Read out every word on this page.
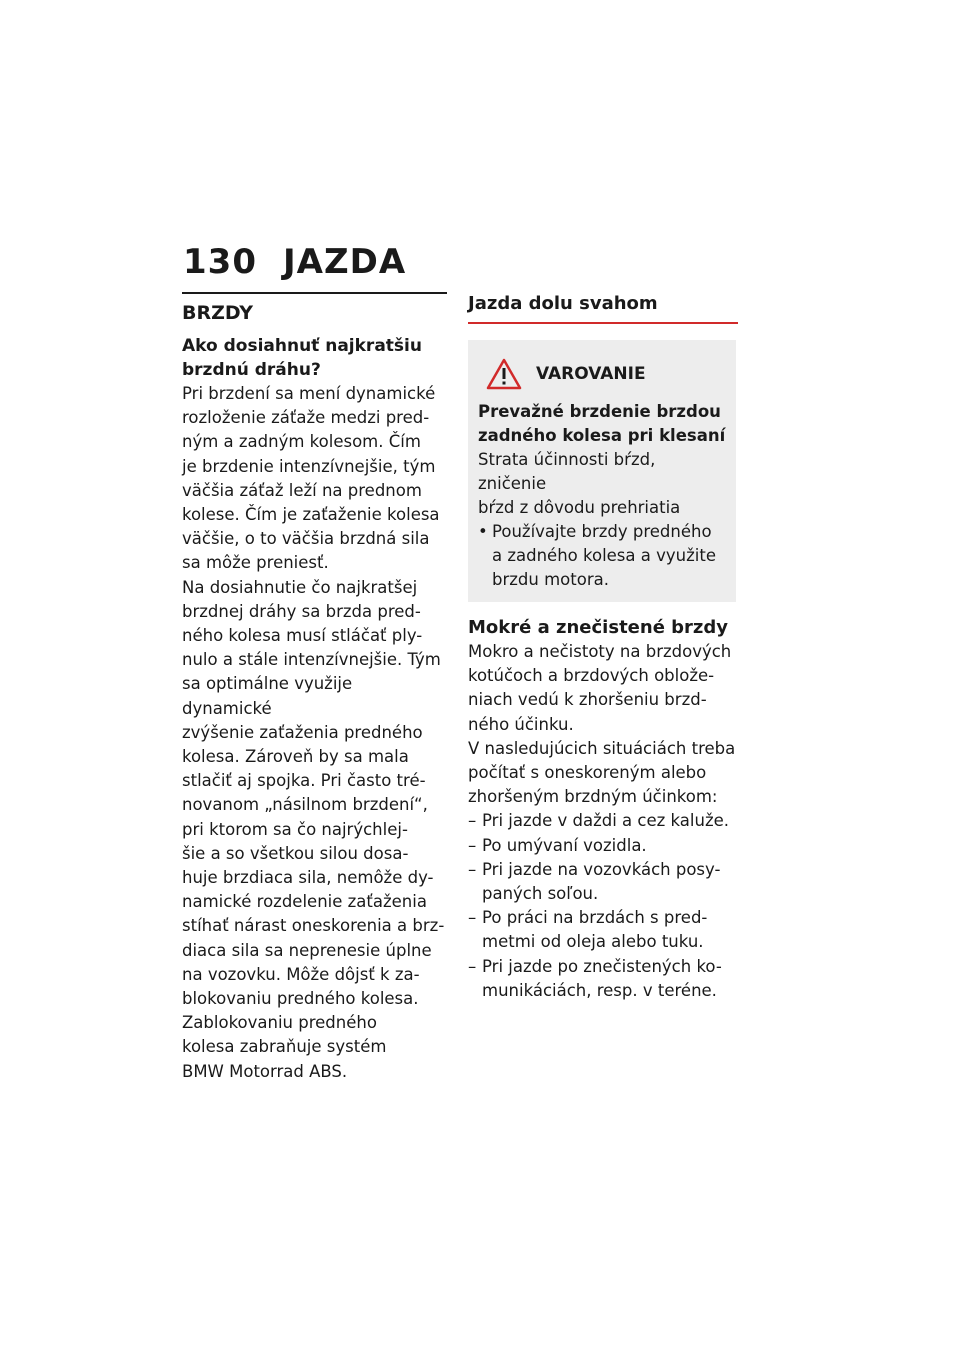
130 JAZDA
BRZDY
Ako dosiahnuť najkratšiu
brzdnú dráhu?
Pri brzdení sa mení dynamické
rozloženie záťaže medzi pred-
ným a zadným kolesom. Čím
je brzdenie intenzívnejšie, tým
väčšia záťaž leží na prednom
kolese. Čím je zaťaženie kolesa
väčšie, o to väčšia brzdná sila
sa môže preniesť.
Na dosiahnutie čo najkratšej
brzdnej dráhy sa brzda pred-
ného kolesa musí stláčať ply-
nulo a stále intenzívnejšie. Tým
sa optimálne využije dynamické
zvýšenie zaťaženia predného
kolesa. Zároveň by sa mala
stlačiť aj spojka. Pri často tré-
novanom „násilnom brzdení“,
pri ktorom sa čo najrýchlej-
šie a so všetkou silou dosa-
huje brzdiaca sila, nemôže dy-
namické rozdelenie zaťaženia
stíhať nárast oneskorenia a brz-
diaca sila sa neprenesie úplne
na vozovku. Môže dôjsť k za-
blokovaniu predného kolesa.
Zablokovaniu predného
kolesa zabraňuje systém
BMW Motorrad ABS.
Jazda dolu svahom
VAROVANIE
Prevažné brzdenie brzdou
zadného kolesa pri klesaní
Strata účinnosti bŕzd, zničenie
bŕzd z dôvodu prehriatia
• Používajte brzdy predného
a zadného kolesa a využite
brzdu motora.
Mokré a znečistené brzdy
Mokro a nečistoty na brzdových
kotúčoch a brzdových oblože-
niach vedú k zhoršeniu brzd-
ného účinku.
V nasledujúcich situáciách treba
počítať s oneskoreným alebo
zhoršeným brzdným účinkom:
– Pri jazde v daždi a cez kaluže.
– Po umývaní vozidla.
– Pri jazde na vozovkách posy-
paných soľou.
– Po práci na brzdách s pred-
metmi od oleja alebo tuku.
– Pri jazde po znečistených ko-
munikáciách, resp. v teréne.
